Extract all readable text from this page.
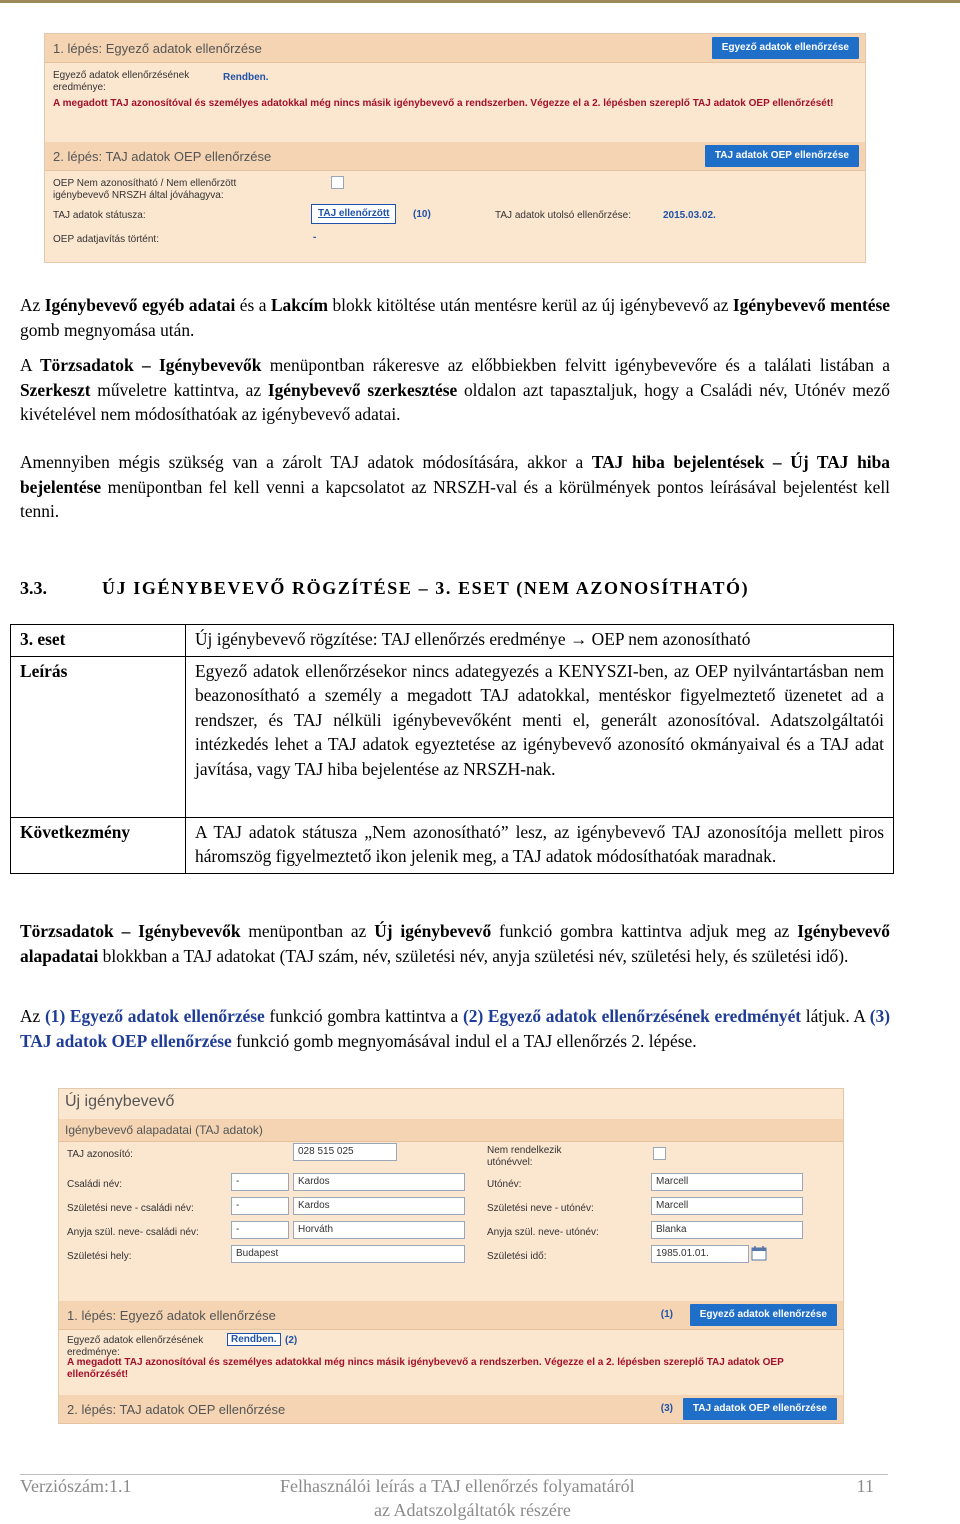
1. lépés: Egyező adatok ellenőrzése	Egyező adatok ellenőrzése
Egyező adatok ellenőrzésének eredménye:
Rendben.
A megadott TAJ azonosítóval és személyes adatokkal még nincs másik igénybevevő a rendszerben. Végezze el a 2. lépésben szereplő TAJ adatok OEP ellenőrzését!
2. lépés: TAJ adatok OEP ellenőrzése	TAJ adatok OEP ellenőrzése
OEP Nem azonosítható / Nem ellenőrzött igénybevevő NRSZH által jóváhagyva:
TAJ adatok státusza:	TAJ ellenőrzött	(10)	TAJ adatok utolsó ellenőrzése:	2015.03.02.
OEP adatjavítás történt:	-

Az Igénybevevő egyéb adatai és a Lakcím blokk kitöltése után mentésre kerül az új igénybevevő az Igénybevevő mentése gomb megnyomása után.

A Törzsadatok – Igénybevevők menüpontban rákeresve az előbbiekben felvitt igénybevevőre és a találati listában a Szerkeszt műveletre kattintva, az Igénybevevő szerkesztése oldalon azt tapasztaljuk, hogy a Családi név, Utónév mező kivételével nem módosíthatóak az igénybevevő adatai.

Amennyiben mégis szükség van a zárolt TAJ adatok módosítására, akkor a TAJ hiba bejelentések – Új TAJ hiba bejelentése menüpontban fel kell venni a kapcsolatot az NRSZH-val és a körülmények pontos leírásával bejelentést kell tenni.

3.3.	ÚJ IGÉNYBEVEVŐ RÖGZÍTÉSE – 3. ESET (NEM AZONOSÍTHATÓ)
3. eset	Új igénybevevő rögzítése: TAJ ellenőrzés eredménye → OEP nem azonosítható
Leírás	Egyező adatok ellenőrzésekor nincs adategyezés a KENYSZI-ben, az OEP nyilvántartásban nem beazonosítható a személy a megadott TAJ adatokkal, mentéskor figyelmeztető üzenetet ad a rendszer, és TAJ nélküli igénybevevőként menti el, generált azonosítóval. Adatszolgáltatói intézkedés lehet a TAJ adatok egyeztetése az igénybevevő azonosító okmányaival és a TAJ adat javítása, vagy TAJ hiba bejelentése az NRSZH-nak.
Következmény	A TAJ adatok státusza „Nem azonosítható” lesz, az igénybevevő TAJ azonosítója mellett piros háromszög figyelmeztető ikon jelenik meg, a TAJ adatok módosíthatóak maradnak.

Törzsadatok – Igénybevevők menüpontban az Új igénybevevő funkció gombra kattintva adjuk meg az Igénybevevő alapadatai blokkban a TAJ adatokat (TAJ szám, név, születési név, anyja születési név, születési hely, és születési idő).

Az (1) Egyező adatok ellenőrzése funkció gombra kattintva a (2) Egyező adatok ellenőrzésének eredményét látjuk. A (3) TAJ adatok OEP ellenőrzése funkció gomb megnyomásával indul el a TAJ ellenőrzés 2. lépése.

Új igénybevevő
Igénybevevő alapadatai (TAJ adatok)
TAJ azonosító:	028 515 025
Családi név:	-	Kardos
Születési neve - családi név:	-	Kardos
Anyja szül. neve- családi név:	-	Horváth
Születési hely:	Budapest
Nem rendelkezik utónévvel:
Utónév:	Marcell
Születési neve - utónév:	Marcell
Anyja szül. neve- utónév:	Blanka
Születési idő:	1985.01.01.
1. lépés: Egyező adatok ellenőrzése	(1)	Egyező adatok ellenőrzése
Egyező adatok ellenőrzésének eredménye:
Rendben. (2)
A megadott TAJ azonosítóval és személyes adatokkal még nincs másik igénybevevő a rendszerben. Végezze el a 2. lépésben szereplő TAJ adatok OEP ellenőrzését!
2. lépés: TAJ adatok OEP ellenőrzése	(3)	TAJ adatok OEP ellenőrzése
Verziószám:1.1	Felhasználói leírás a TAJ ellenőrzés folyamatáról
az Adatszolgáltatók részére
11
